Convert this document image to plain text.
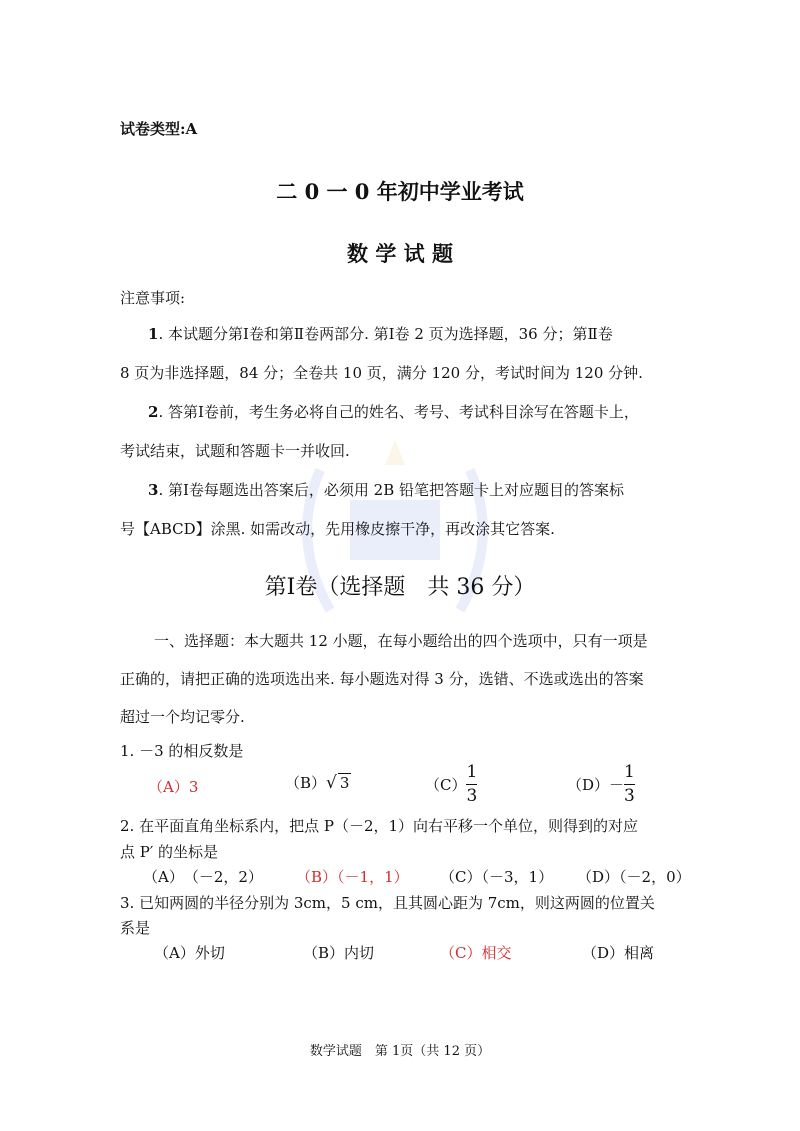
试卷类型:A
二 0 一 0 年初中学业考试
数 学 试 题
注意事项:
1. 本试题分第Ⅰ卷和第Ⅱ卷两部分. 第Ⅰ卷 2 页为选择题，36 分；第Ⅱ卷
8 页为非选择题，84 分；全卷共 10 页，满分 120 分，考试时间为 120 分钟.
2. 答第Ⅰ卷前，考生务必将自己的姓名、考号、考试科目涂写在答题卡上，
考试结束，试题和答题卡一并收回.
3. 第Ⅰ卷每题选出答案后，必须用 2B 铅笔把答题卡上对应题目的答案标
号【ABCD】涂黑. 如需改动，先用橡皮擦干净，再改涂其它答案.
第Ⅰ卷（选择题　共 36 分）
一、选择题：本大题共 12 小题，在每小题给出的四个选项中，只有一项是
正确的，请把正确的选项选出来. 每小题选对得 3 分，选错、不选或选出的答案
超过一个均记零分.
1. －3 的相反数是
（A）3	（B）√ 3	$(C) \frac{1}{3}$	$(D)- \frac{1}{3}$
2. 在平面直角坐标系内，把点 P（－2，1）向右平移一个单位，则得到的对应
点 P′ 的坐标是
（A）　（－2，2） （B）（－1，1） （C）（－3，1） （D）（－2，0）
3. 已知两圆的半径分别为 3cm，5 cm，且其圆心距为 7cm，则这两圆的位置关
系是
（A）外切	（B）内切	（C）相交	（D）相离
数学试题　第 1页（共 12 页）
